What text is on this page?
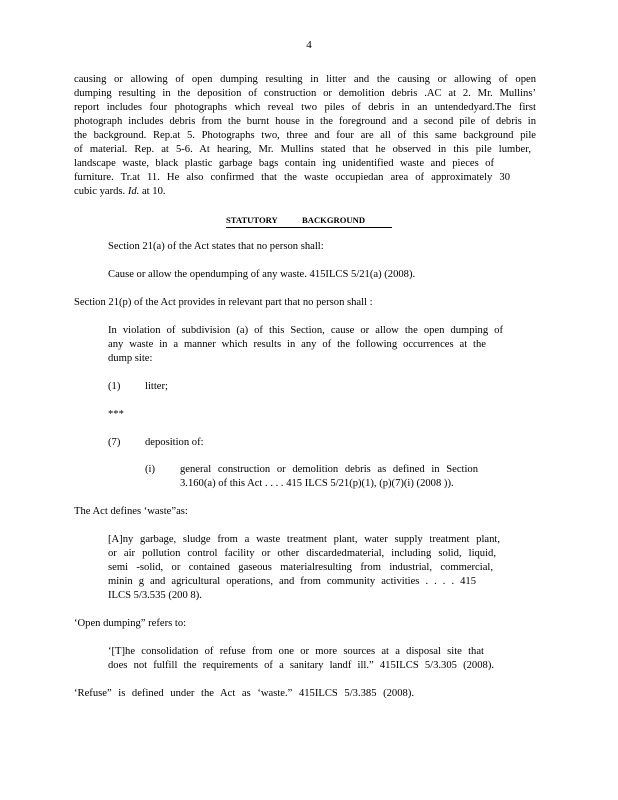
4
causing or allowing of open dumping resulting in litter and the causing or allowing of open
dumping resulting in the deposition of construction or demolition debris .AC at 2. Mr. Mullins’
report includes four photographs which reveal two piles of debris in an untendedyard.The first
photograph includes debris from the burnt house in the foreground and a second pile of debris in
the background. Rep.at 5. Photographs two, three and four are all of this same background pile
of material. Rep. at 5-6. At hearing, Mr. Mullins stated that he observed in this pile lumber,
landscape waste, black plastic garbage bags contain ing unidentified waste and pieces of
furniture. Tr.at 11. He also confirmed that the waste occupiedan area of approximately 30
cubic yards. Id. at 10.
STATUTORY	BACKGROUND
Section 21(a) of the Act states that no person shall:
Cause or allow the opendumping of any waste. 415ILCS 5/21(a) (2008).
Section 21(p) of the Act provides in relevant part that no person shall :
In violation of subdivision (a) of this Section, cause or allow the open dumping of
any waste in a manner which results in any of the following occurrences at the
dump site:
(1) litter;
***
(7) deposition of:
(i) general construction or demolition debris as defined in Section
3.160(a) of this Act . . . . 415 ILCS 5/21(p)(1), (p)(7)(i) (2008 )).
The Act defines ‘waste”as:
[A]ny garbage, sludge from a waste treatment plant, water supply treatment plant,
or air pollution control facility or other discardedmaterial, including solid, liquid,
semi -solid, or contained gaseous materialresulting from industrial, commercial,
minin g and agricultural operations, and from community activities . . . . 415
ILCS 5/3.535 (200 8).
‘Open dumping” refers to:
‘[T]he consolidation of refuse from one or more sources at a disposal site that
does not fulfill the requirements of a sanitary landf ill.” 415ILCS 5/3.305 (2008).
‘Refuse” is defined under the Act as ‘waste.” 415ILCS 5/3.385 (2008).
